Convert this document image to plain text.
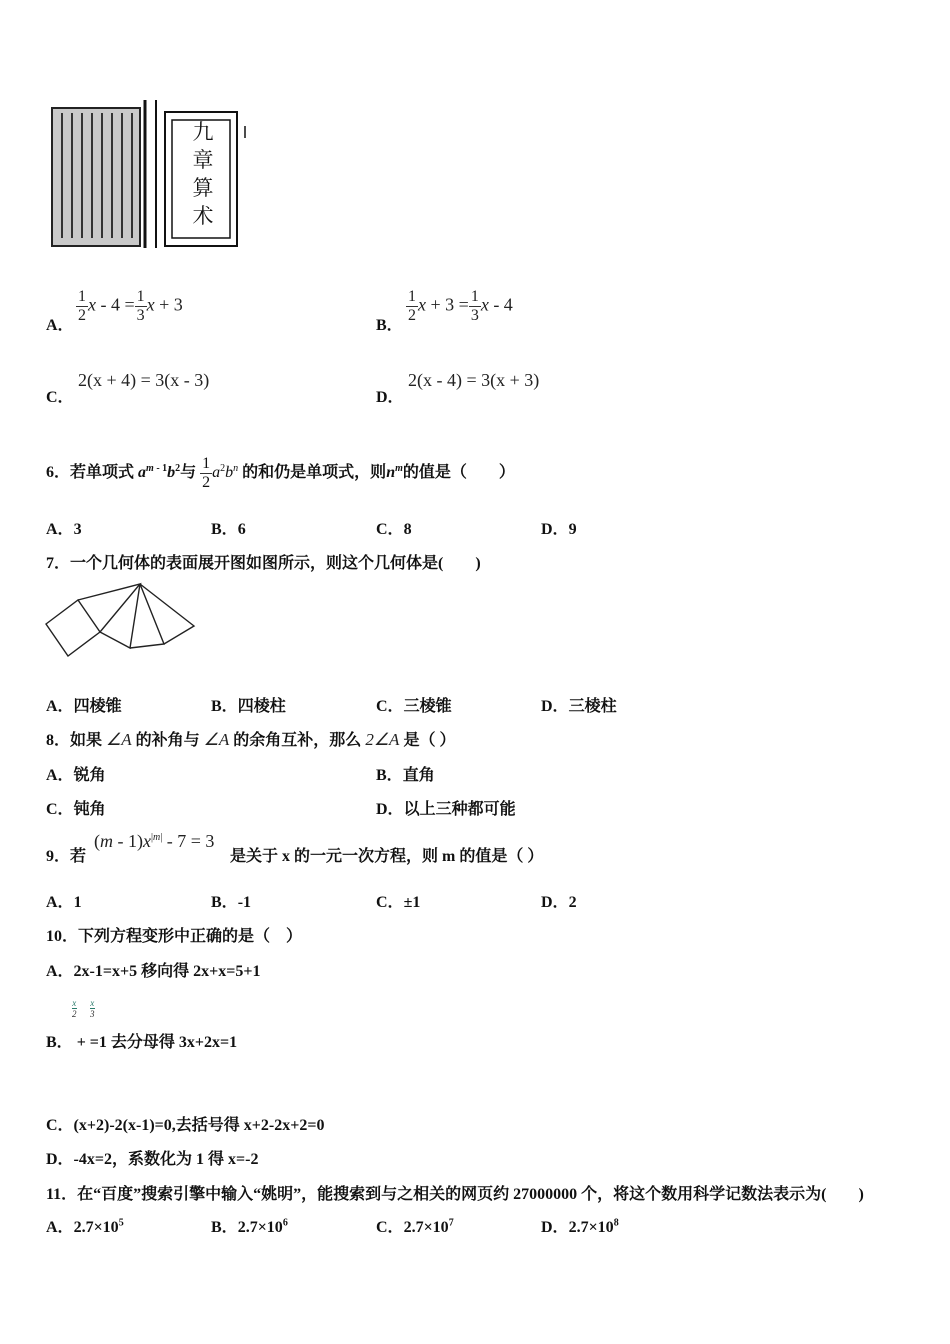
九
章
算
术
A．
$\frac{1}{2}$ $x - 4 = \frac{1}{3}$ x + 3
B．
$\frac{1}{2}$ $x + 3 = \frac{1}{3}$ x - 4
C．
2(x + 4) = 3(x - 3)
D．
2(x - 4) = 3(x + 3)
6．若单项式 $a^{m - 1}b^2$与 $\frac{1}{2} a^2b^n$ 的和仍是单项式，则$n^m$的值是（　　）
A．3	B．6	C．8	D．9
7．一个几何体的表面展开图如图所示，则这个几何体是(　　)
A．四棱锥	B．四棱柱	C．三棱锥	D．三棱柱
8．如果 ∠A 的补角与 ∠A 的余角互补，那么 2∠A 是（ ）
A．锐角	B．直角
C．钝角	D．以上三种都可能
9．若
$(m - 1)x^{|m|} - 7 = 3$
是关于 x 的一元一次方程，则 m 的值是（ ）
A．1	B．-1	C．±1	D．2
10．下列方程变形中正确的是（　）
A．2x-1=x+5 移向得 2x+x=5+1
x
2
x
3
B． + =1 去分母得 3x+2x=1
C．(x+2)-2(x-1)=0,去括号得 x+2-2x+2=0
D．-4x=2，系数化为 1 得 x=-2
11．在“百度”搜索引擎中输入“姚明”，能搜索到与之相关的网页约 27000000 个，将这个数用科学记数法表示为(　　)
A．$2.7\times 10^5$	B．$2.7\times 10^6$	C．$2.7\times 10^7$	D．$2.7\times 10^8$
